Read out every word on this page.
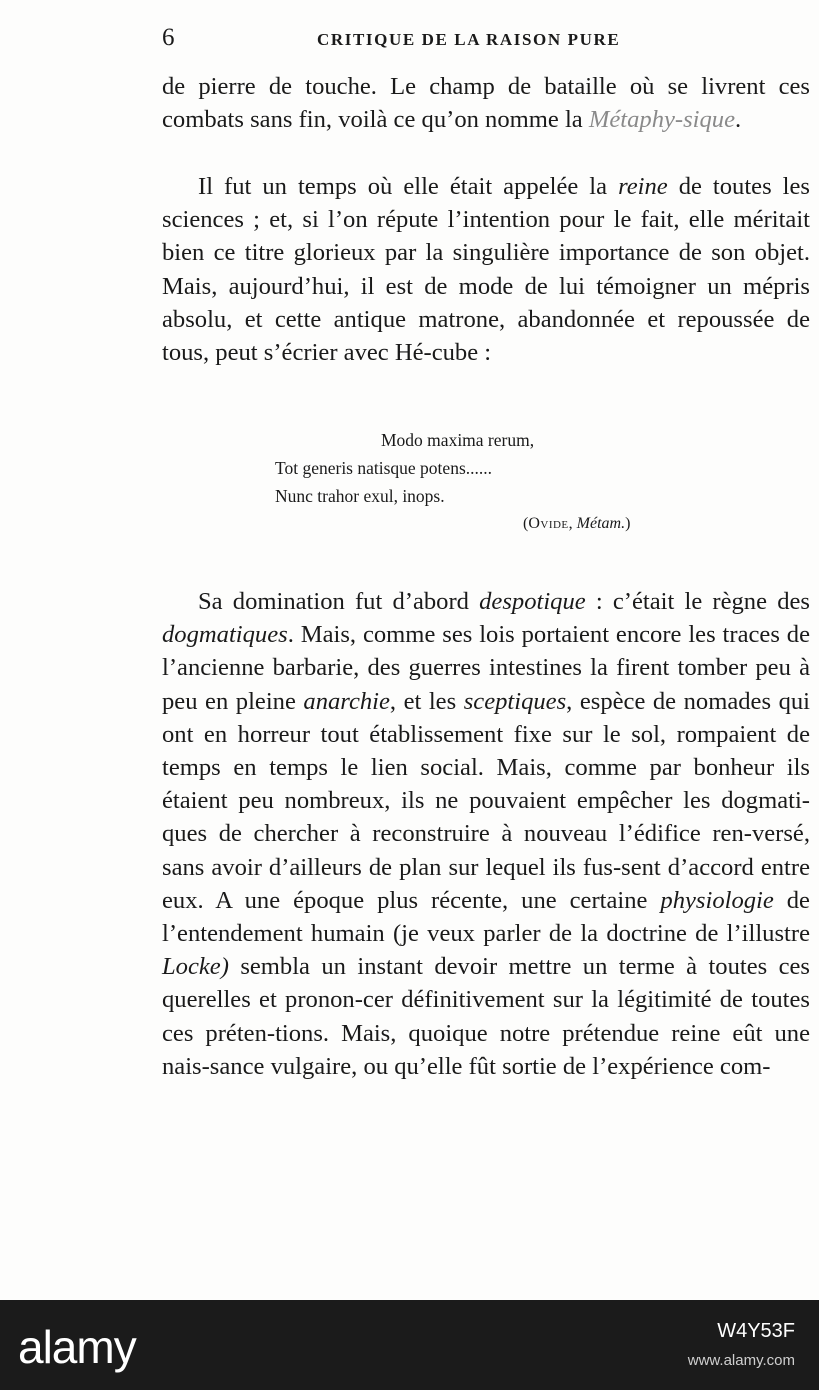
6	CRITIQUE DE LA RAISON PURE

de pierre de touche. Le champ de bataille où se livrent ces combats sans fin, voilà ce qu’on nomme la Métaphy-sique.

Il fut un temps où elle était appelée la reine de toutes les sciences ; et, si l’on répute l’intention pour le fait, elle méritait bien ce titre glorieux par la singulière importance de son objet. Mais, aujourd’hui, il est de mode de lui témoigner un mépris absolu, et cette antique matrone, abandonnée et repoussée de tous, peut s’écrier avec Hé-cube :

Modo maxima rerum,
Tot generis natisque potens......
Nunc trahor exul, inops.
(Ovide, Métam.)

Sa domination fut d’abord despotique : c’était le règne des dogmatiques. Mais, comme ses lois portaient encore les traces de l’ancienne barbarie, des guerres intestines la firent tomber peu à peu en pleine anarchie, et les sceptiques, espèce de nomades qui ont en horreur tout établissement fixe sur le sol, rompaient de temps en temps le lien social. Mais, comme par bonheur ils étaient peu nombreux, ils ne pouvaient empêcher les dogmati-ques de chercher à reconstruire à nouveau l’édifice ren-versé, sans avoir d’ailleurs de plan sur lequel ils fus-sent d’accord entre eux. A une époque plus récente, une certaine physiologie de l’entendement humain (je veux parler de la doctrine de l’illustre Locke) sembla un instant devoir mettre un terme à toutes ces querelles et pronon-cer définitivement sur la légitimité de toutes ces préten-tions. Mais, quoique notre prétendue reine eût une nais-sance vulgaire, ou qu’elle fût sortie de l’expérience com-

alamy	W4Y53F
www.alamy.com
